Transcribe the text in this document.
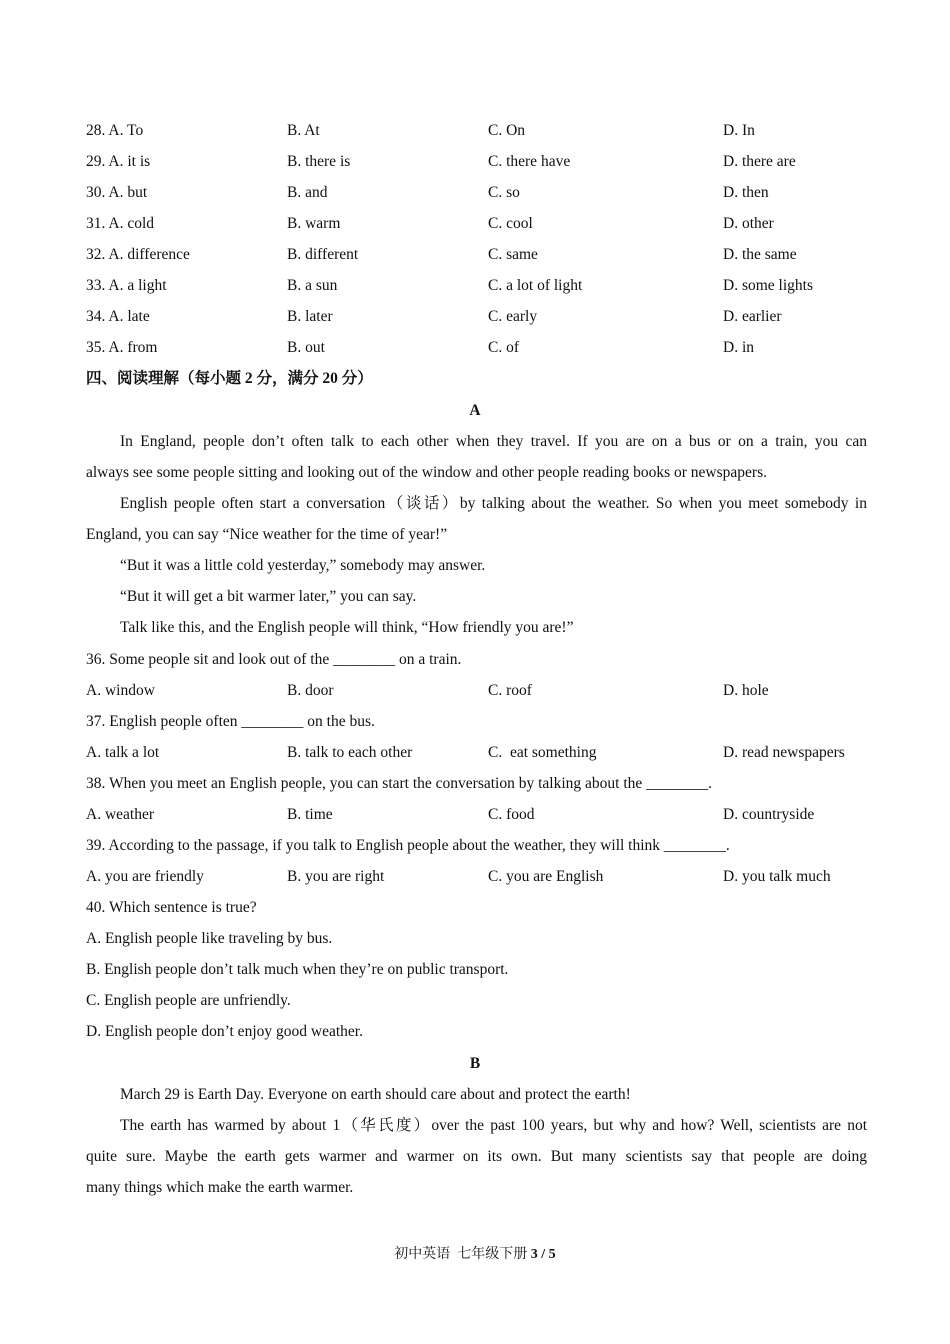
28. A. To	B. At	C. On	D. In
29. A. it is	B. there is	C. there have	D. there are
30. A. but	B. and	C. so	D. then
31. A. cold	B. warm	C. cool	D. other
32. A. difference	B. different	C. same	D. the same
33. A. a light	B. a sun	C. a lot of light	D. some lights
34. A. late	B. later	C. early	D. earlier
35. A. from	B. out	C. of	D. in
四、阅读理解（每小题 2 分，满分 20 分）
A
In England, people don’t often talk to each other when they travel. If you are on a bus or on a train, you can
always see some people sitting and looking out of the window and other people reading books or newspapers.
English people often start a conversation（谈话）by talking about the weather. So when you meet somebody in
England, you can say “Nice weather for the time of year!”
“But it was a little cold yesterday,” somebody may answer.
“But it will get a bit warmer later,” you can say.
Talk like this, and the English people will think, “How friendly you are!”
36. Some people sit and look out of the ________ on a train.
A. window	B. door	C. roof	D. hole
37. English people often ________ on the bus.
A. talk a lot	B. talk to each other	C.  eat something	D. read newspapers
38. When you meet an English people, you can start the conversation by talking about the ________.
A. weather	B. time	C. food	D. countryside
39. According to the passage, if you talk to English people about the weather, they will think ________.
A. you are friendly	B. you are right	C. you are English	D. you talk much
40. Which sentence is true?
A. English people like traveling by bus.
B. English people don’t talk much when they’re on public transport.
C. English people are unfriendly.
D. English people don’t enjoy good weather.
B
March 29 is Earth Day. Everyone on earth should care about and protect the earth!
The earth has warmed by about 1（华氏度）over the past 100 years, but why and how? Well, scientists are not
quite sure. Maybe the earth gets warmer and warmer on its own. But many scientists say that people are doing
many things which make the earth warmer.
初中英语  七年级下册 3 / 5
